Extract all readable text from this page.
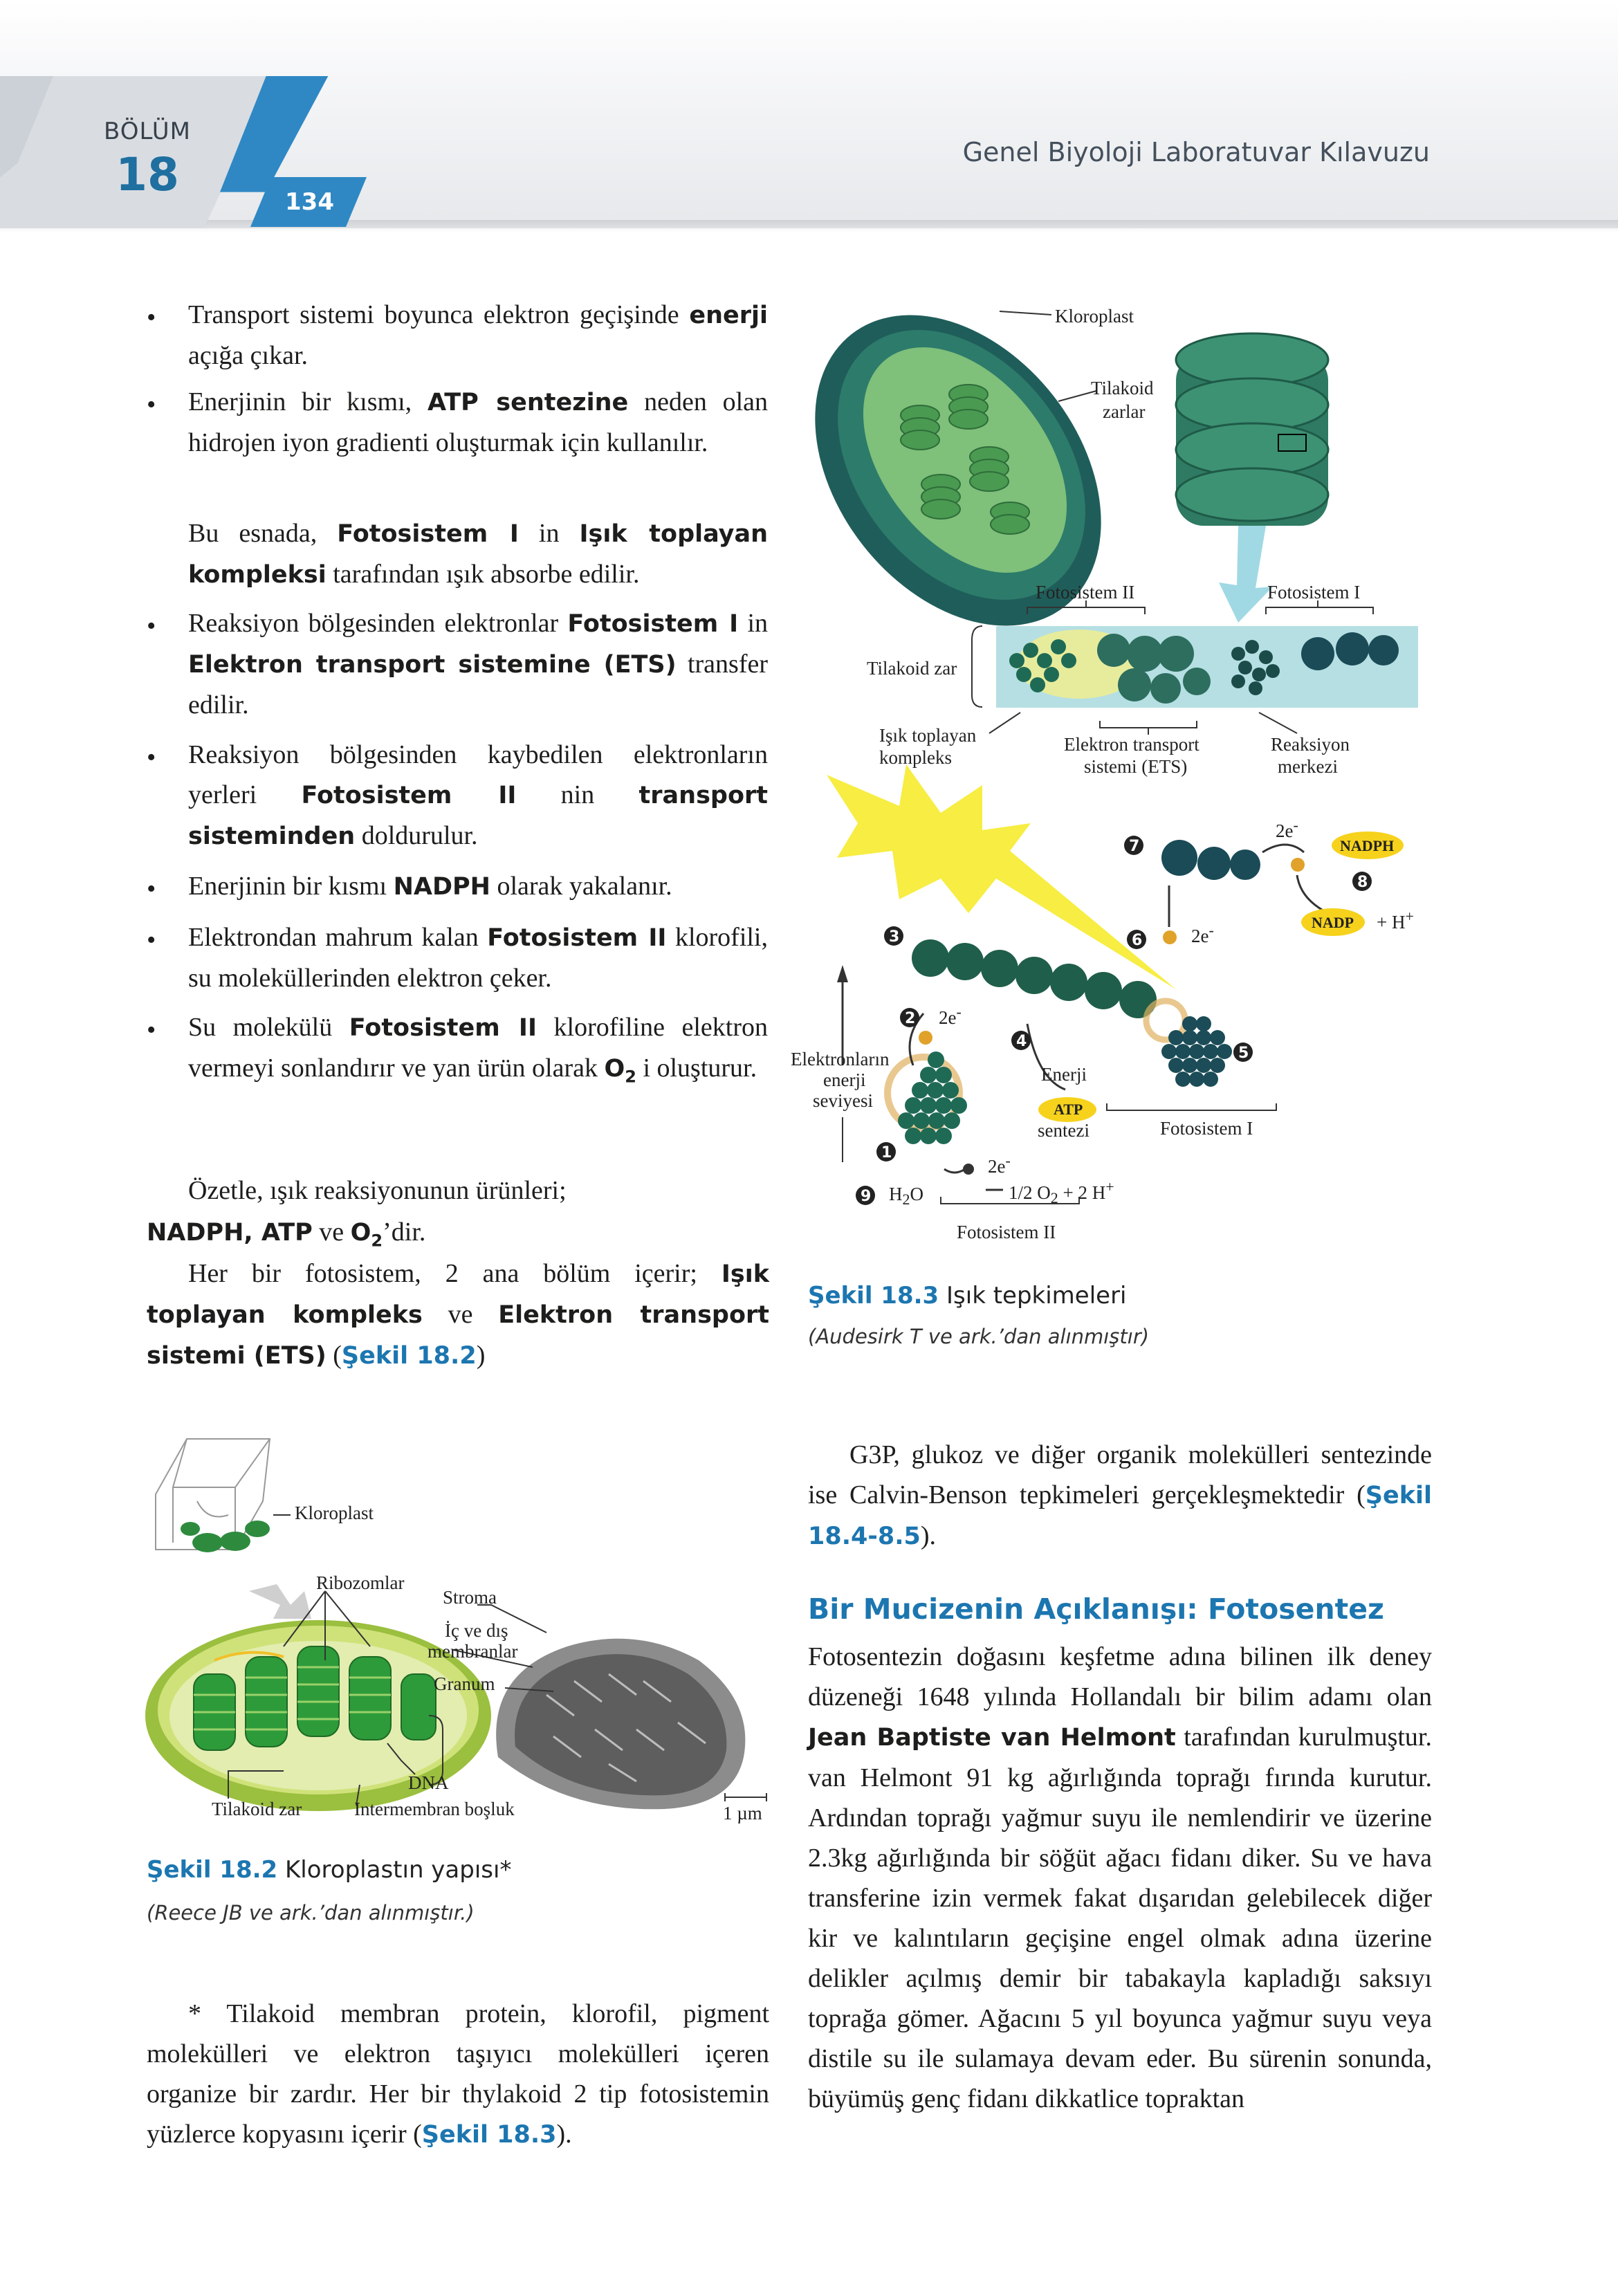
BÖLÜM
18
134
Genel Biyoloji Laboratuvar Kılavuzu
• Transport sistemi boyunca elektron geçişinde enerji açığa çıkar.
• Enerjinin bir kısmı, ATP sentezine neden olan hidrojen iyon gradienti oluşturmak için kullanılır.
Bu esnada, Fotosistem I in Işık toplayan kompleksi tarafından ışık absorbe edilir.
• Reaksiyon bölgesinden elektronlar Fotosistem I in Elektron transport sistemine (ETS) transfer edilir.
• Reaksiyon bölgesinden kaybedilen elektronların yerleri Fotosistem II nin transport sisteminden doldurulur.
• Enerjinin bir kısmı NADPH olarak yakalanır.
• Elektrondan mahrum kalan Fotosistem II klorofili, su moleküllerinden elektron çeker.
• Su molekülü Fotosistem II klorofiline elektron vermeyi sonlandırır ve yan ürün olarak $O_2$ i oluşturur.
Özetle, ışık reaksiyonunun ürünleri;
NADPH, ATP ve $O_2’dir$.
Her bir fotosistem, 2 ana bölüm içerir; Işık toplayan kompleks ve Elektron transport sistemi (ETS) (Şekil 18.2)
1
2
3
4
5
6
7
8
9
Kloroplast
Tilakoid
zarlar
Fotosistem II	Fotosistem I
Tilakoid zar
Işık toplayan
kompleks
Elektron transport
sistemi (ETS)
Reaksiyon
merkezi
Elektronların
enerji
seviyesi
2e-
NADPH
NADP + H+
2e-
2e-
Enerji
ATP
sentezi	Fotosistem I
2e-
$H_2O$	1/2 $O_2 + 2$ H+
Fotosistem II
Şekil 18.3 Işık tepkimeleri
(Audesirk T ve ark.’dan alınmıştır)
Kloroplast
Ribozomlar
Stroma
İç ve dış
membranlar
Granum
DNA
Tilakoid zar	Intermembran boşluk	1 µm
Şekil 18.2 Kloroplastın yapısı*
(Reece JB ve ark.’dan alınmıştır.)
* Tilakoid membran protein, klorofil, pigment molekülleri ve elektron taşıyıcı molekülleri içeren organize bir zardır. Her bir thylakoid 2 tip fotosistemin yüzlerce kopyasını içerir (Şekil 18.3).
G3P, glukoz ve diğer organik molekülleri sentezinde ise Calvin-Benson tepkimeleri gerçekleşmektedir (Şekil 18.4-8.5).
Bir Mucizenin Açıklanışı: Fotosentez
Fotosentezin doğasını keşfetme adına bilinen ilk deney düzeneği 1648 yılında Hollandalı bir bilim adamı olan Jean Baptiste van Helmont tarafından kurulmuştur. van Helmont 91 kg ağırlığında toprağı fırında kurutur. Ardından toprağı yağmur suyu ile nemlendirir ve üzerine 2.3kg ağırlığında bir söğüt ağacı fidanı diker. Su ve hava transferine izin vermek fakat dışarıdan gelebilecek diğer kir ve kalıntıların geçişine engel olmak adına üzerine delikler açılmış demir bir tabakayla kapladığı saksıyı toprağa gömer. Ağacını 5 yıl boyunca yağmur suyu veya distile su ile sulamaya devam eder. Bu sürenin sonunda, büyümüş genç fidanı dikkatlice topraktan
